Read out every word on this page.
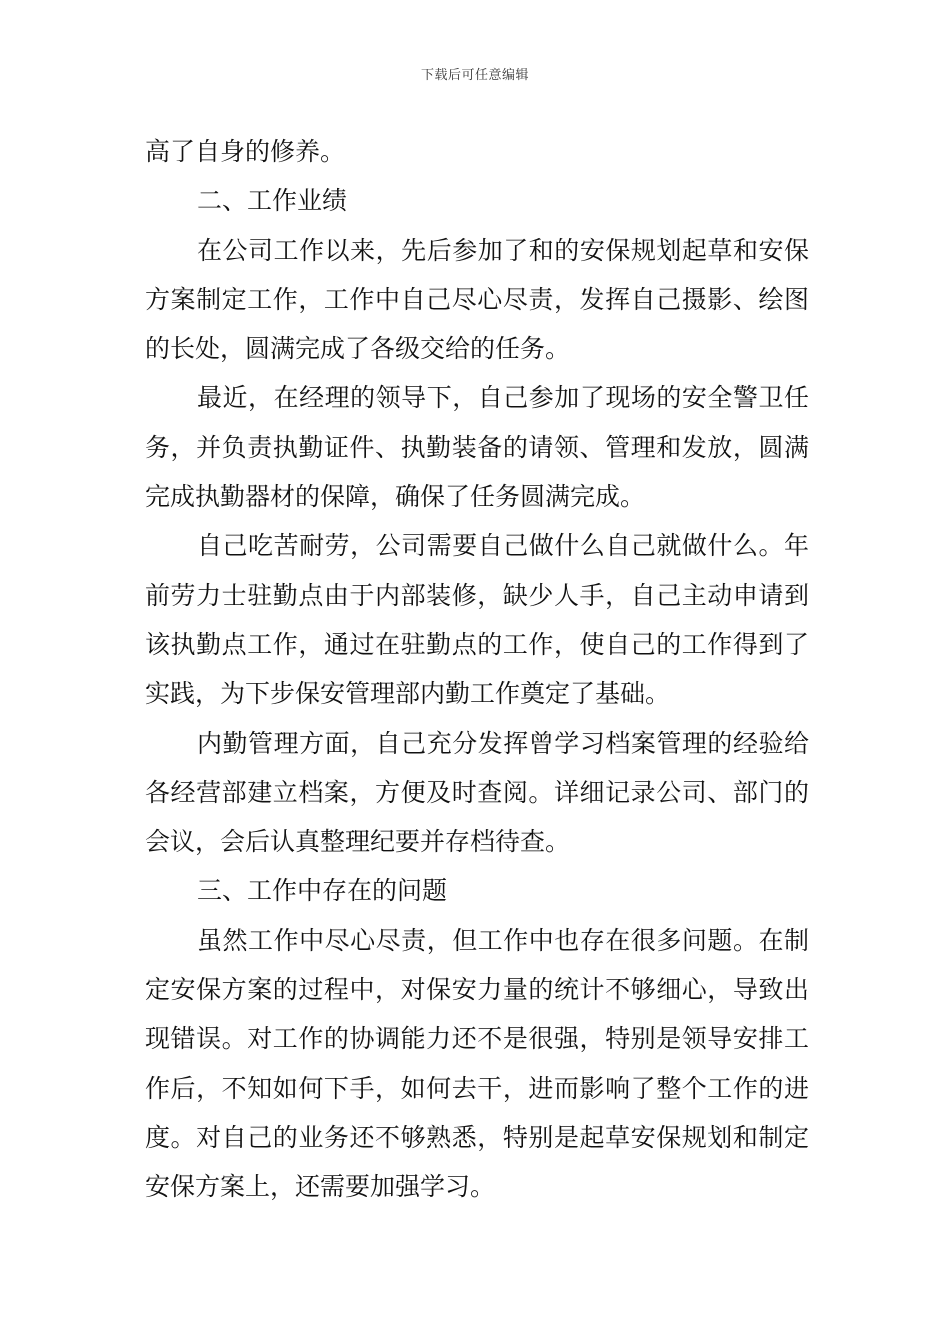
下载后可任意编辑

高了自身的修养。

二、工作业绩

在公司工作以来，先后参加了和的安保规划起草和安保方案制定工作，工作中自己尽心尽责，发挥自己摄影、绘图的长处，圆满完成了各级交给的任务。

最近，在经理的领导下，自己参加了现场的安全警卫任务，并负责执勤证件、执勤装备的请领、管理和发放，圆满完成执勤器材的保障，确保了任务圆满完成。

自己吃苦耐劳，公司需要自己做什么自己就做什么。年前劳力士驻勤点由于内部装修，缺少人手，自己主动申请到该执勤点工作，通过在驻勤点的工作，使自己的工作得到了实践，为下步保安管理部内勤工作奠定了基础。

内勤管理方面，自己充分发挥曾学习档案管理的经验给各经营部建立档案，方便及时查阅。详细记录公司、部门的会议，会后认真整理纪要并存档待查。

三、工作中存在的问题

虽然工作中尽心尽责，但工作中也存在很多问题。在制定安保方案的过程中，对保安力量的统计不够细心，导致出现错误。对工作的协调能力还不是很强，特别是领导安排工作后，不知如何下手，如何去干，进而影响了整个工作的进度。对自己的业务还不够熟悉，特别是起草安保规划和制定安保方案上，还需要加强学习。
